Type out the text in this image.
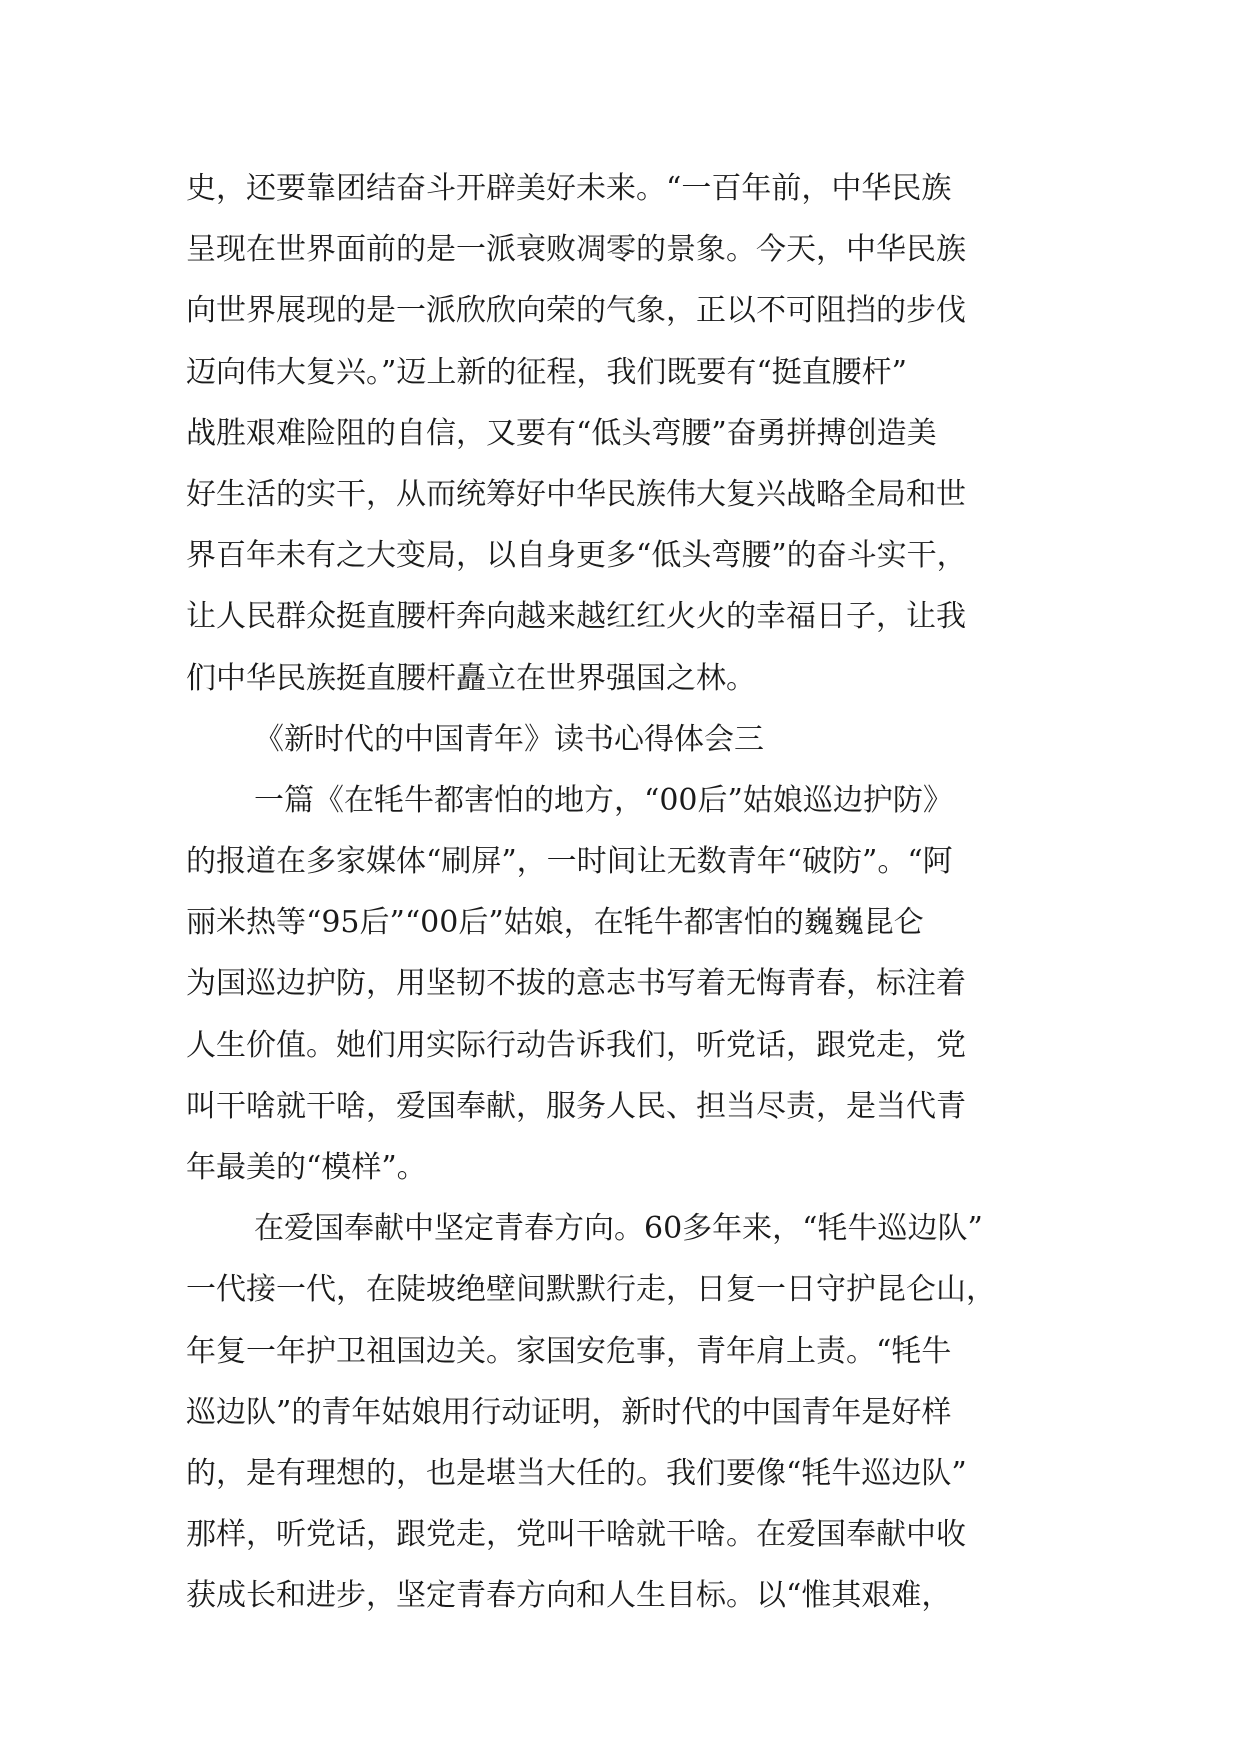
史，还要靠团结奋斗开辟美好未来。“一百年前，中华民族
呈现在世界面前的是一派衰败凋零的景象。今天，中华民族
向世界展现的是一派欣欣向荣的气象，正以不可阻挡的步伐
迈向伟大复兴。”迈上新的征程，我们既要有“挺直腰杆”
战胜艰难险阻的自信，又要有“低头弯腰”奋勇拼搏创造美
好生活的实干，从而统筹好中华民族伟大复兴战略全局和世
界百年未有之大变局，以自身更多“低头弯腰”的奋斗实干，
让人民群众挺直腰杆奔向越来越红红火火的幸福日子，让我
们中华民族挺直腰杆矗立在世界强国之林。
《新时代的中国青年》读书心得体会三
一篇《在牦牛都害怕的地方，“00后”姑娘巡边护防》
的报道在多家媒体“刷屏”，一时间让无数青年“破防”。“阿
丽米热等“95后”“00后”姑娘，在牦牛都害怕的巍巍昆仑
为国巡边护防，用坚韧不拔的意志书写着无悔青春，标注着
人生价值。她们用实际行动告诉我们，听党话，跟党走，党
叫干啥就干啥，爱国奉献，服务人民、担当尽责，是当代青
年最美的“模样”。
在爱国奉献中坚定青春方向。60多年来，“牦牛巡边队”
一代接一代，在陡坡绝壁间默默行走，日复一日守护昆仑山，
年复一年护卫祖国边关。家国安危事，青年肩上责。“牦牛
巡边队”的青年姑娘用行动证明，新时代的中国青年是好样
的，是有理想的，也是堪当大任的。我们要像“牦牛巡边队”
那样，听党话，跟党走，党叫干啥就干啥。在爱国奉献中收
获成长和进步，坚定青春方向和人生目标。以“惟其艰难，
